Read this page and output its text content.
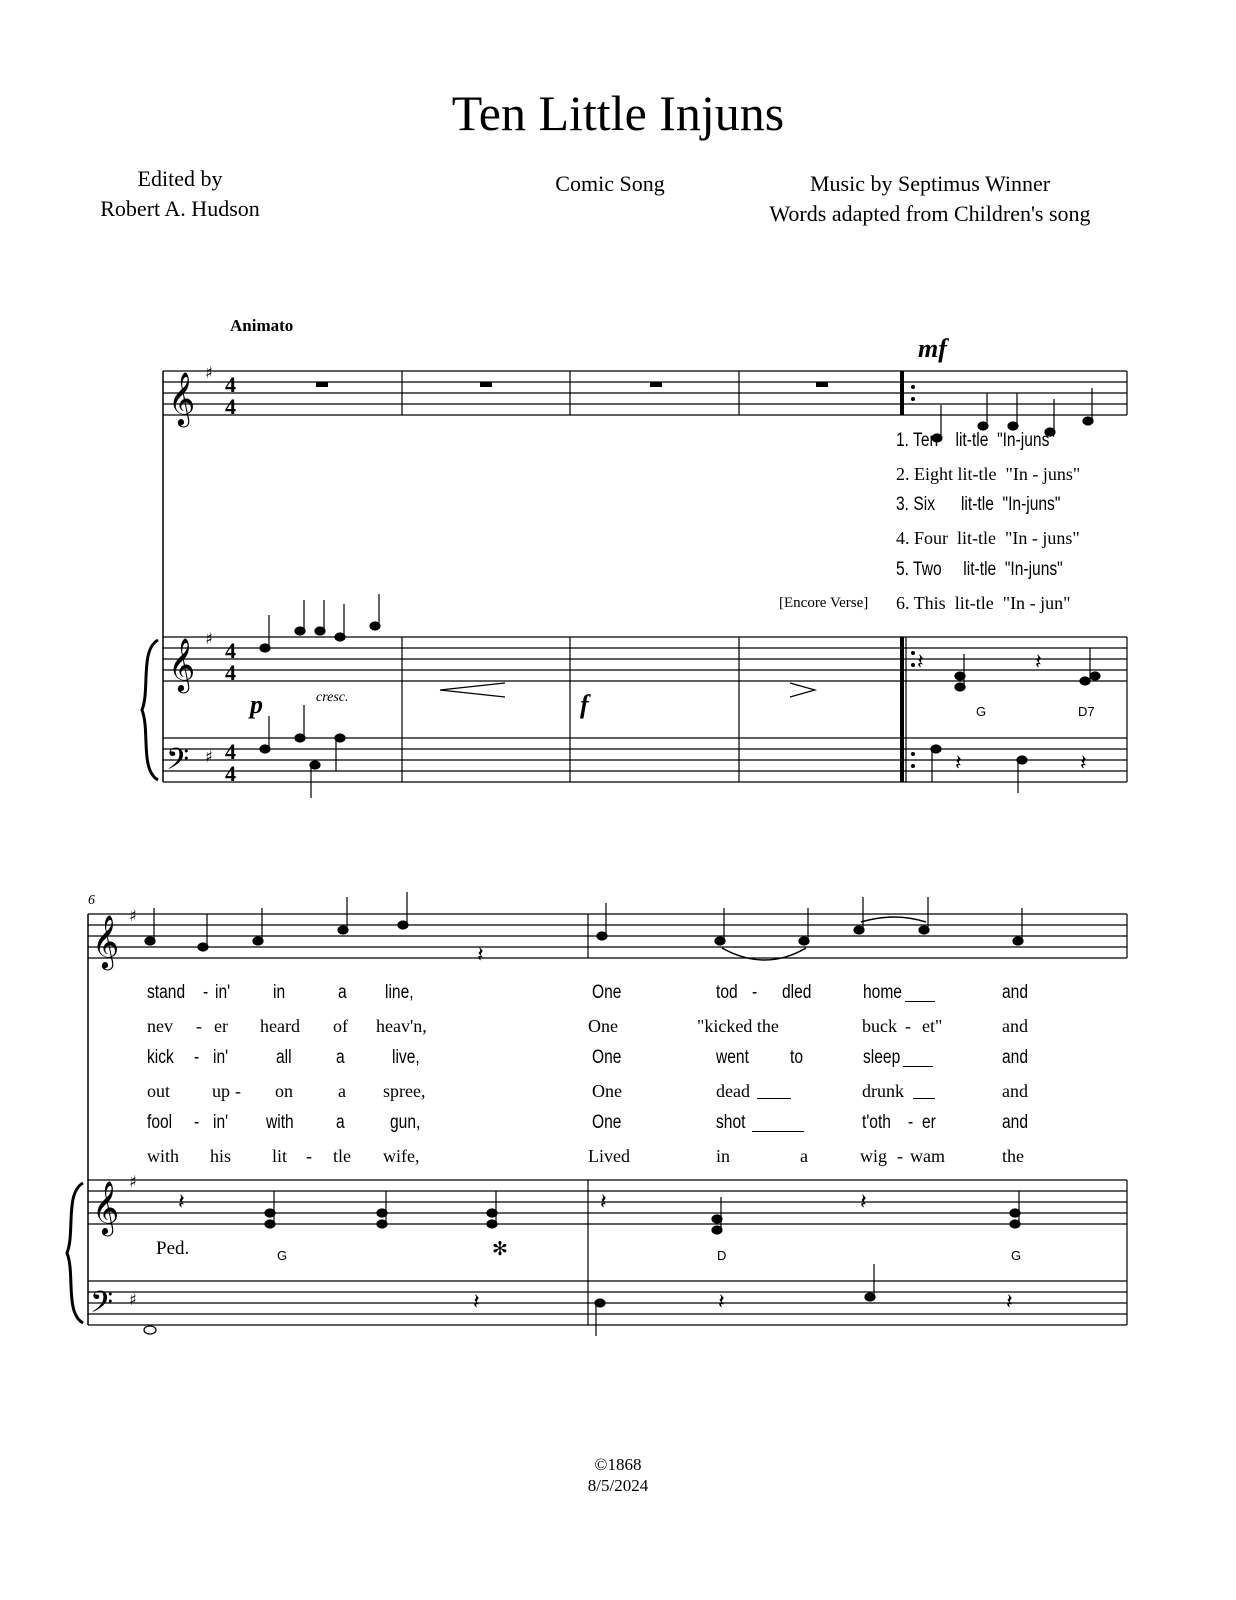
Ten Little Injuns
Edited by
Robert A. Hudson
Comic Song	Music by Septimus Winner
Words adapted from Children's song
Animato
𝄞
𝄞
𝄢
𝄞
𝄞
𝄢
♯
♯
♯
♯
♯
♯
4
4
4
4
4
4
𝄽
𝄽	𝄽	𝄽
𝄽	𝄽	𝄽
𝄽	𝄽
𝄽	𝄽
mf
p	cresc.	f	G	D7
[Encore Verse]
1. Ten lit-tle "In-juns"
2. Eight lit-tle "In - juns"
3. Six lit-tle "In-juns"
4. Four lit-tle "In - juns"
5. Two lit-tle "In-juns"
6. This lit-tle "In - jun"
6
stand - in' in	a line,	One	tod - dled	home	and
nev - er heard of heav'n,	One	"kicked the	buck - et"	and
kick - in'	all a live,	One	went to	sleep	and
out up - on	a spree,	One	dead	drunk	and
fool - in' with a gun,	One	shot	t'oth - er	and
with his lit - tle wife,	Lived	in	a	wig - wam	the
Ped.	✻
G	D	G
©1868
8/5/2024
